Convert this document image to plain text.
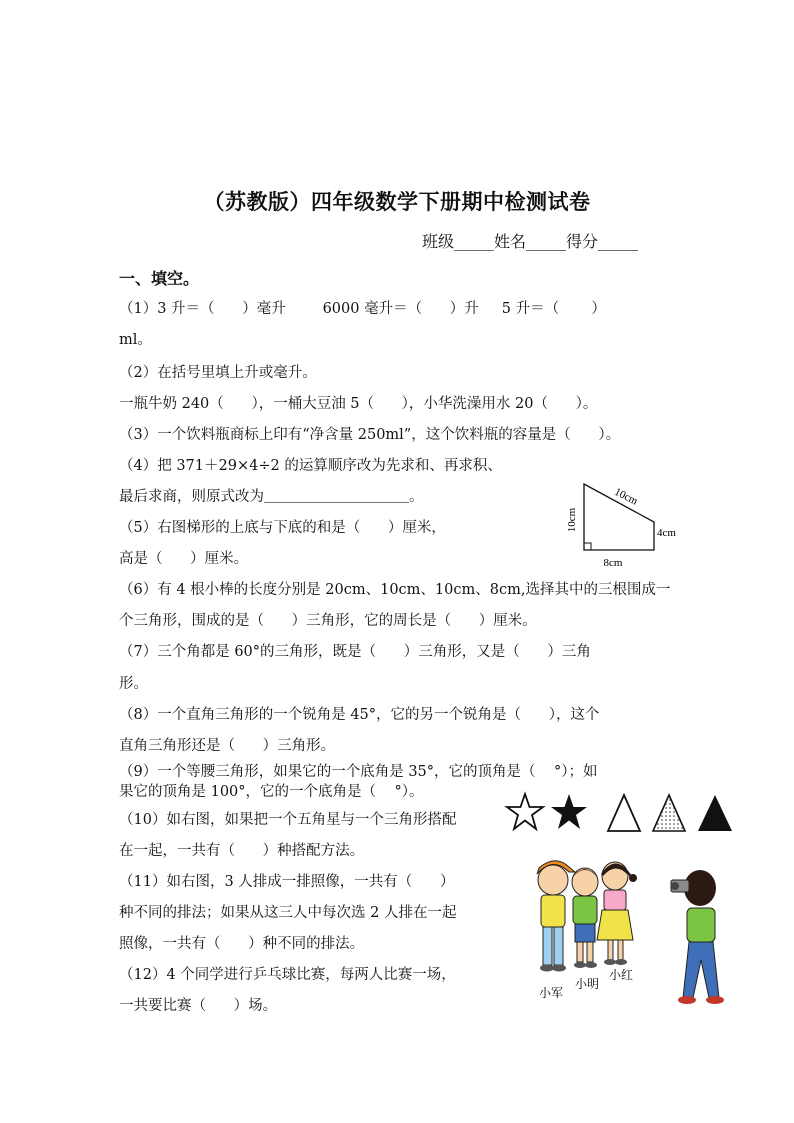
（苏教版）四年级数学下册期中检测试卷
班级_____姓名_____得分_____
一、填空。
（1）3 升＝（      ）毫升        6000 毫升＝（      ）升     5 升＝（       ）
ml。
（2）在括号里填上升或毫升。
一瓶牛奶 240（      ），一桶大豆油 5（      ），小华洗澡用水 20（      ）。
（3）一个饮料瓶商标上印有“净含量 250ml”，这个饮料瓶的容量是（      ）。
（4）把 371＋29×4÷2 的运算顺序改为先求和、再求积、
最后求商，则原式改为＿＿＿＿＿＿＿＿＿＿。
（5）右图梯形的上底与下底的和是（      ）厘米，
高是（      ）厘米。
（6）有 4 根小棒的长度分别是 20cm、10cm、10cm、8cm,选择其中的三根围成一
个三角形，围成的是（      ）三角形，它的周长是（      ）厘米。
（7）三个角都是 60°的三角形，既是（      ）三角形，又是（      ）三角
形。
（8）一个直角三角形的一个锐角是 45°，它的另一个锐角是（      ），这个
直角三角形还是（      ）三角形。
（9）一个等腰三角形，如果它的一个底角是 35°，它的顶角是（    °）；如
果它的顶角是 100°，它的一个底角是（    °）。
（10）如右图，如果把一个五角星与一个三角形搭配
在一起，一共有（      ）种搭配方法。
（11）如右图，3 人排成一排照像，一共有（      ）
种不同的排法；如果从这三人中每次选 2 人排在一起
照像，一共有（      ）种不同的排法。
（12）4 个同学进行乒乓球比赛，每两人比赛一场，
一共要比赛（      ）场。
10cm
10cm
4cm
8cm
小军
小明
小红
